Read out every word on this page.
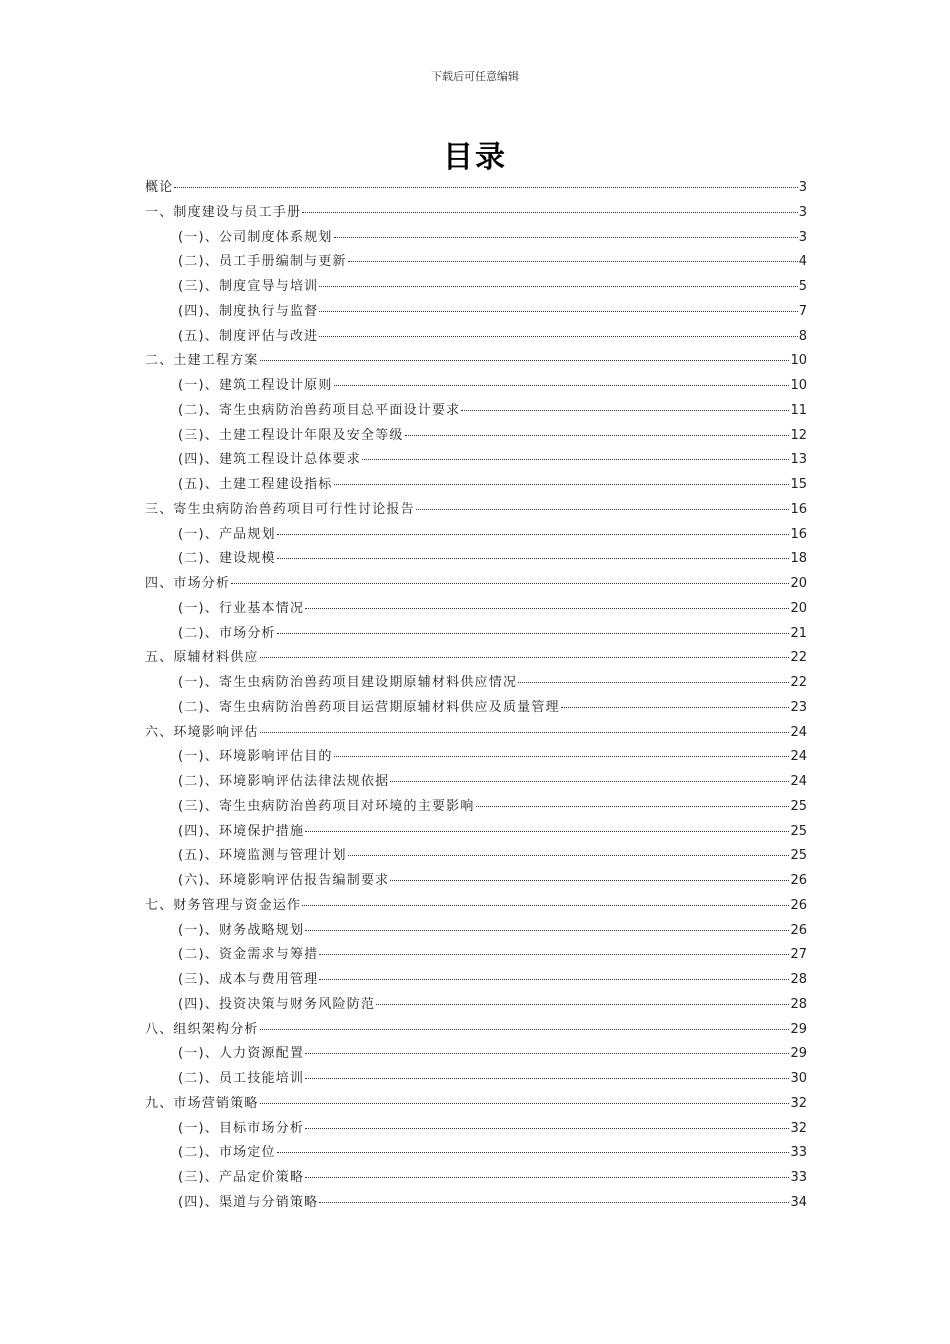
下载后可任意编辑
目录
概论	3
一、制度建设与员工手册	3
(一)、公司制度体系规划	3
(二)、员工手册编制与更新	4
(三)、制度宣导与培训	5
(四)、制度执行与监督	7
(五)、制度评估与改进	8
二、土建工程方案	10
(一)、建筑工程设计原则	10
(二)、寄生虫病防治兽药项目总平面设计要求	11
(三)、土建工程设计年限及安全等级	12
(四)、建筑工程设计总体要求	13
(五)、土建工程建设指标	15
三、寄生虫病防治兽药项目可行性讨论报告	16
(一)、产品规划	16
(二)、建设规模	18
四、市场分析	20
(一)、行业基本情况	20
(二)、市场分析	21
五、原辅材料供应	22
(一)、寄生虫病防治兽药项目建设期原辅材料供应情况	22
(二)、寄生虫病防治兽药项目运营期原辅材料供应及质量管理	23
六、环境影响评估	24
(一)、环境影响评估目的	24
(二)、环境影响评估法律法规依据	24
(三)、寄生虫病防治兽药项目对环境的主要影响	25
(四)、环境保护措施	25
(五)、环境监测与管理计划	25
(六)、环境影响评估报告编制要求	26
七、财务管理与资金运作	26
(一)、财务战略规划	26
(二)、资金需求与筹措	27
(三)、成本与费用管理	28
(四)、投资决策与财务风险防范	28
八、组织架构分析	29
(一)、人力资源配置	29
(二)、员工技能培训	30
九、市场营销策略	32
(一)、目标市场分析	32
(二)、市场定位	33
(三)、产品定价策略	33
(四)、渠道与分销策略	34
